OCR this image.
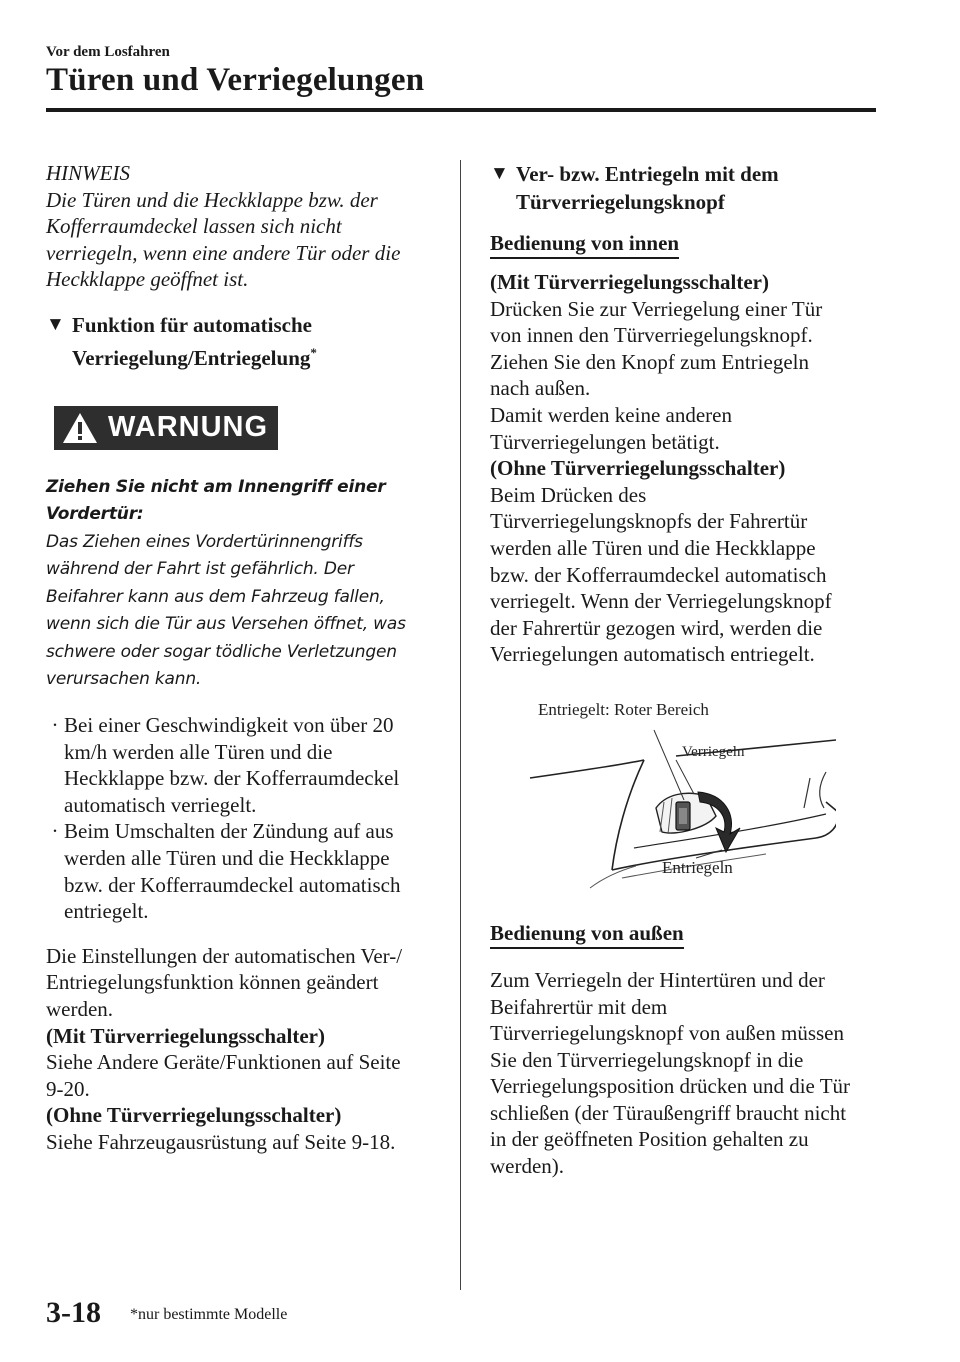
Vor dem Losfahren
Türen und Verriegelungen
HINWEIS
Die Türen und die Heckklappe bzw. der
Kofferraumdeckel lassen sich nicht
verriegeln, wenn eine andere Tür oder die
Heckklappe geöffnet ist.
▼ Funktion für automatische
Verriegelung/Entriegelung*
WARNUNG
Ziehen Sie nicht am Innengriff einer
Vordertür:
Das Ziehen eines Vordertürinnengriffs
während der Fahrt ist gefährlich. Der
Beifahrer kann aus dem Fahrzeug fallen,
wenn sich die Tür aus Versehen öffnet, was
schwere oder sogar tödliche Verletzungen
verursachen kann.
· Bei einer Geschwindigkeit von über 20
km/h werden alle Türen und die
Heckklappe bzw. der Kofferraumdeckel
automatisch verriegelt.
· Beim Umschalten der Zündung auf aus
werden alle Türen und die Heckklappe
bzw. der Kofferraumdeckel automatisch
entriegelt.
Die Einstellungen der automatischen Ver-/
Entriegelungsfunktion können geändert
werden.
(Mit Türverriegelungsschalter)
Siehe Andere Geräte/Funktionen auf Seite
9-20.
(Ohne Türverriegelungsschalter)
Siehe Fahrzeugausrüstung auf Seite 9-18.
▼ Ver- bzw. Entriegeln mit dem
Türverriegelungsknopf
Bedienung von innen
(Mit Türverriegelungsschalter)
Drücken Sie zur Verriegelung einer Tür
von innen den Türverriegelungsknopf.
Ziehen Sie den Knopf zum Entriegeln
nach außen.
Damit werden keine anderen
Türverriegelungen betätigt.
(Ohne Türverriegelungsschalter)
Beim Drücken des
Türverriegelungsknopfs der Fahrertür
werden alle Türen und die Heckklappe
bzw. der Kofferraumdeckel automatisch
verriegelt. Wenn der Verriegelungsknopf
der Fahrertür gezogen wird, werden die
Verriegelungen automatisch entriegelt.
Entriegelt: Roter Bereich
Verriegeln
Entriegeln
Bedienung von außen
Zum Verriegeln der Hintertüren und der
Beifahrertür mit dem
Türverriegelungsknopf von außen müssen
Sie den Türverriegelungsknopf in die
Verriegelungsposition drücken und die Tür
schließen (der Türaußengriff braucht nicht
in der geöffneten Position gehalten zu
werden).
3-18 *nur bestimmte Modelle
